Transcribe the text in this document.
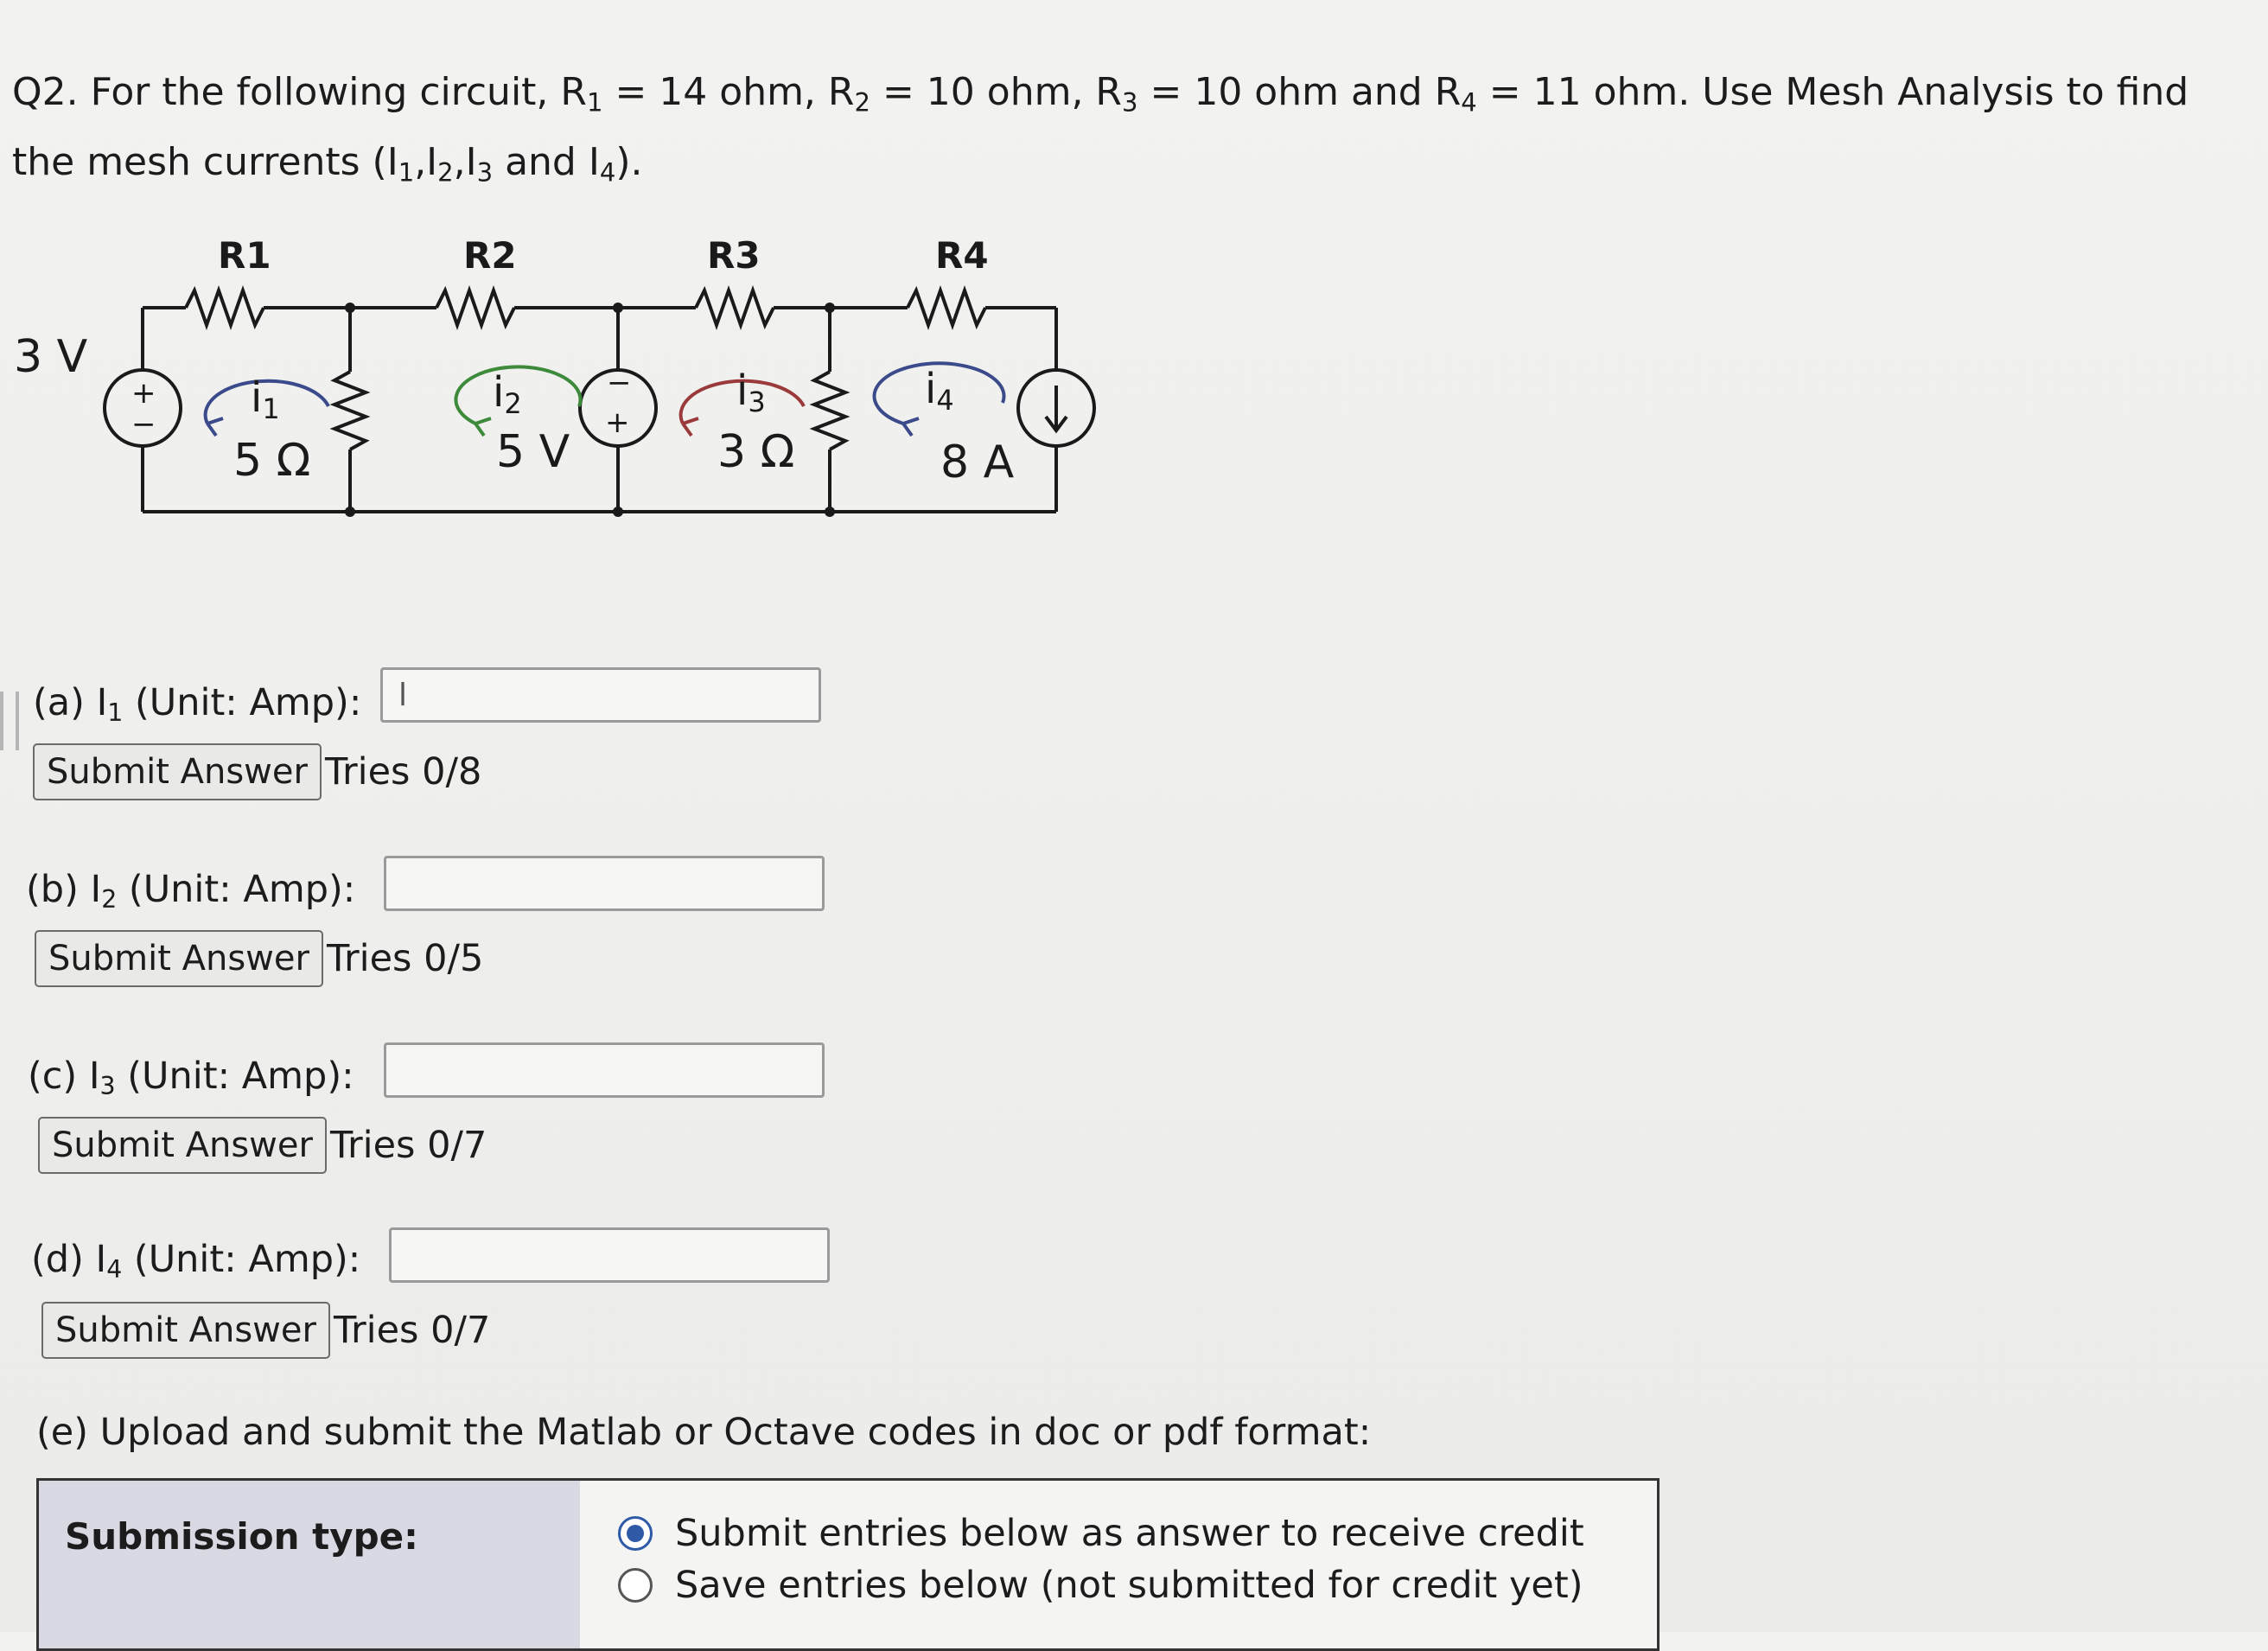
Q2. For the following circuit, $R_1 = 14$ ohm, $R_2 = 10$ ohm, $R_3 = 10$ ohm and $R_4 = 11$ ohm. Use Mesh Analysis to find the mesh currents ($I_1,I_2,I_3$ and $I_4$).
R1	R2	R3	R4
3 V
5 Ω	5 V	3 Ω	8 A
+
−
−
+
i1	i2	i3	i4
(a) $I_1$ (Unit: Amp):
l
Submit Answer Tries 0/8
(b) $I_2$ (Unit: Amp):
Submit Answer Tries 0/5
(c) $I_3$ (Unit: Amp):
Submit Answer Tries 0/7
(d) $I_4$ (Unit: Amp):
Submit Answer Tries 0/7
(e) Upload and submit the Matlab or Octave codes in doc or pdf format:
Submission type:	Submit entries below as answer to receive credit
Save entries below (not submitted for credit yet)
